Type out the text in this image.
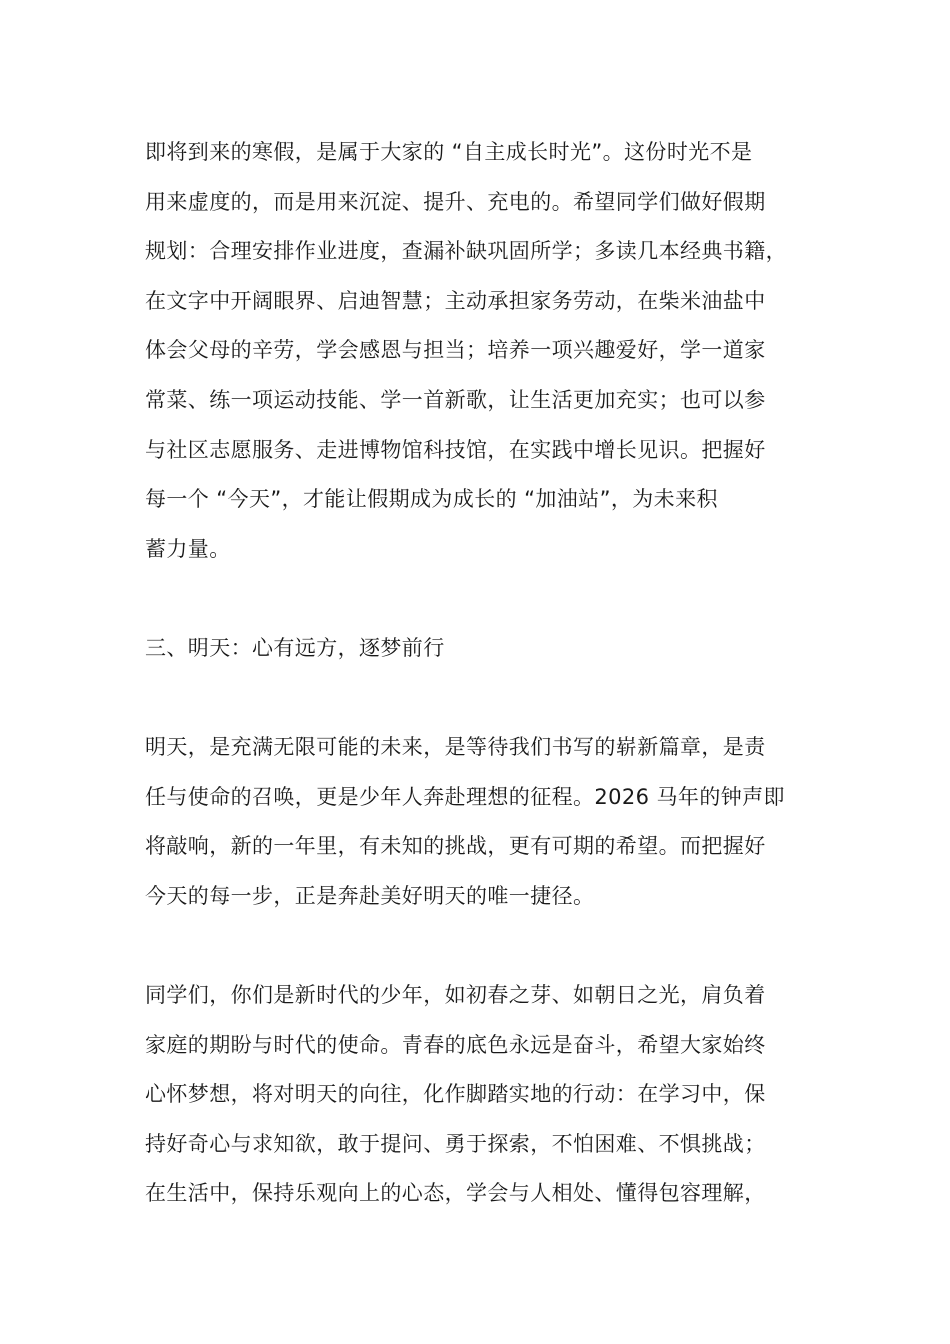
即将到来的寒假，是属于大家的 “自主成长时光”。这份时光不是
用来虚度的，而是用来沉淀、提升、充电的。希望同学们做好假期
规划：合理安排作业进度，查漏补缺巩固所学；多读几本经典书籍，
在文字中开阔眼界、启迪智慧；主动承担家务劳动，在柴米油盐中
体会父母的辛劳，学会感恩与担当；培养一项兴趣爱好，学一道家
常菜、练一项运动技能、学一首新歌，让生活更加充实；也可以参
与社区志愿服务、走进博物馆科技馆，在实践中增长见识。把握好
每一个 “今天”，才能让假期成为成长的 “加油站”，为未来积
蓄力量。

三、明天：心有远方，逐梦前行

明天，是充满无限可能的未来，是等待我们书写的崭新篇章，是责
任与使命的召唤，更是少年人奔赴理想的征程。2026 马年的钟声即
将敲响，新的一年里，有未知的挑战，更有可期的希望。而把握好
今天的每一步，正是奔赴美好明天的唯一捷径。

同学们，你们是新时代的少年，如初春之芽、如朝日之光，肩负着
家庭的期盼与时代的使命。青春的底色永远是奋斗，希望大家始终
心怀梦想，将对明天的向往，化作脚踏实地的行动：在学习中，保
持好奇心与求知欲，敢于提问、勇于探索，不怕困难、不惧挑战；
在生活中，保持乐观向上的心态，学会与人相处、懂得包容理解，
